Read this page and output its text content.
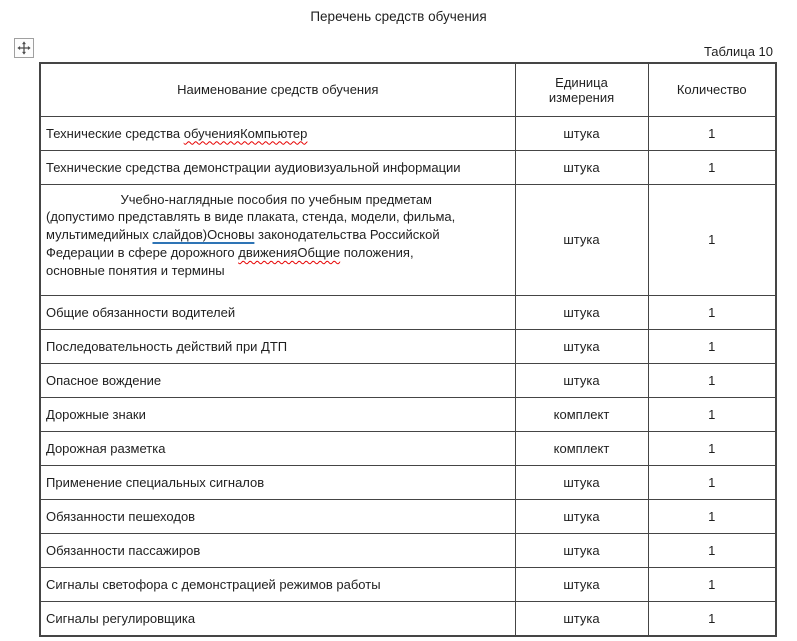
Перечень средств обучения
Таблица 10
Наименование средств обучения	Единица измерения	Количество

Технические средства обученияКомпьютер	штука	1

Технические средства демонстрации аудиовизуальной информации	штука	1

Учебно-наглядные пособия по учебным предметам
(допустимо представлять в виде плаката, стенда, модели, фильма,
мультимедийных слайдов)Основы законодательства Российской
Федерации в сфере дорожного движенияОбщие положения,
основные понятия и термины	штука	1

Общие обязанности водителей	штука	1

Последовательность действий при ДТП	штука	1

Опасное вождение	штука	1

Дорожные знаки	комплект	1

Дорожная разметка	комплект	1

Применение специальных сигналов	штука	1

Обязанности пешеходов	штука	1

Обязанности пассажиров	штука	1

Сигналы светофора с демонстрацией режимов работы	штука	1

Сигналы регулировщика	штука	1
